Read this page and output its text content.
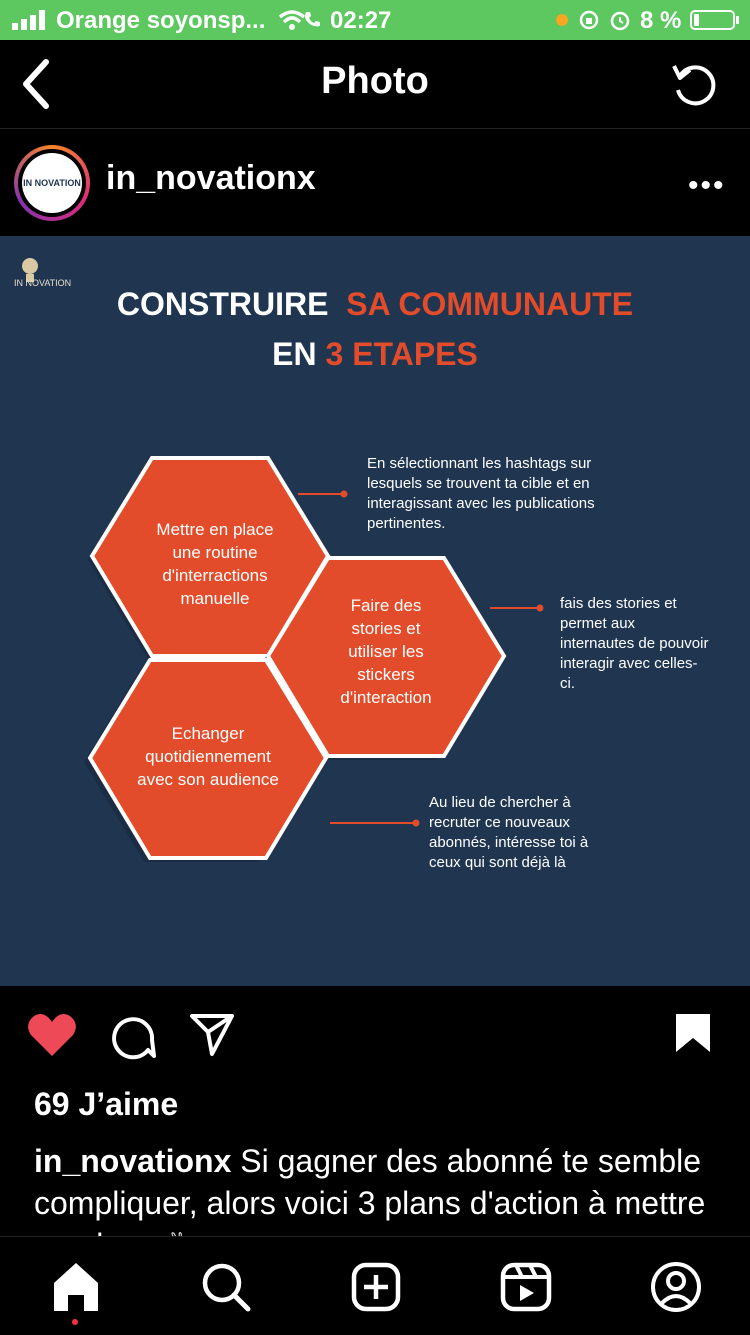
Orange soyonsp...	02:27	8 %
Photo
IN NOVATION in_novationx	•••
IN NOVATION
CONSTRUIRE SA COMMUNAUTE
EN 3 ETAPES
Mettre en place une routine d'interractions manuelle	Faire des stories et utiliser les stickers d'interaction
Echanger quotidiennement avec son audience
En sélectionnant les hashtags sur lesquels se trouvent ta cible et en interagissant avec les publications pertinentes.
fais des stories et permet aux internautes de pouvoir interagir avec celles-ci.
Au lieu de chercher à recruter ce nouveaux abonnés, intéresse toi à ceux qui sont déjà là
69 J’aime
in_novationx Si gagner des abonné te semble compliquer, alors voici 3 plans d'action à mettre
